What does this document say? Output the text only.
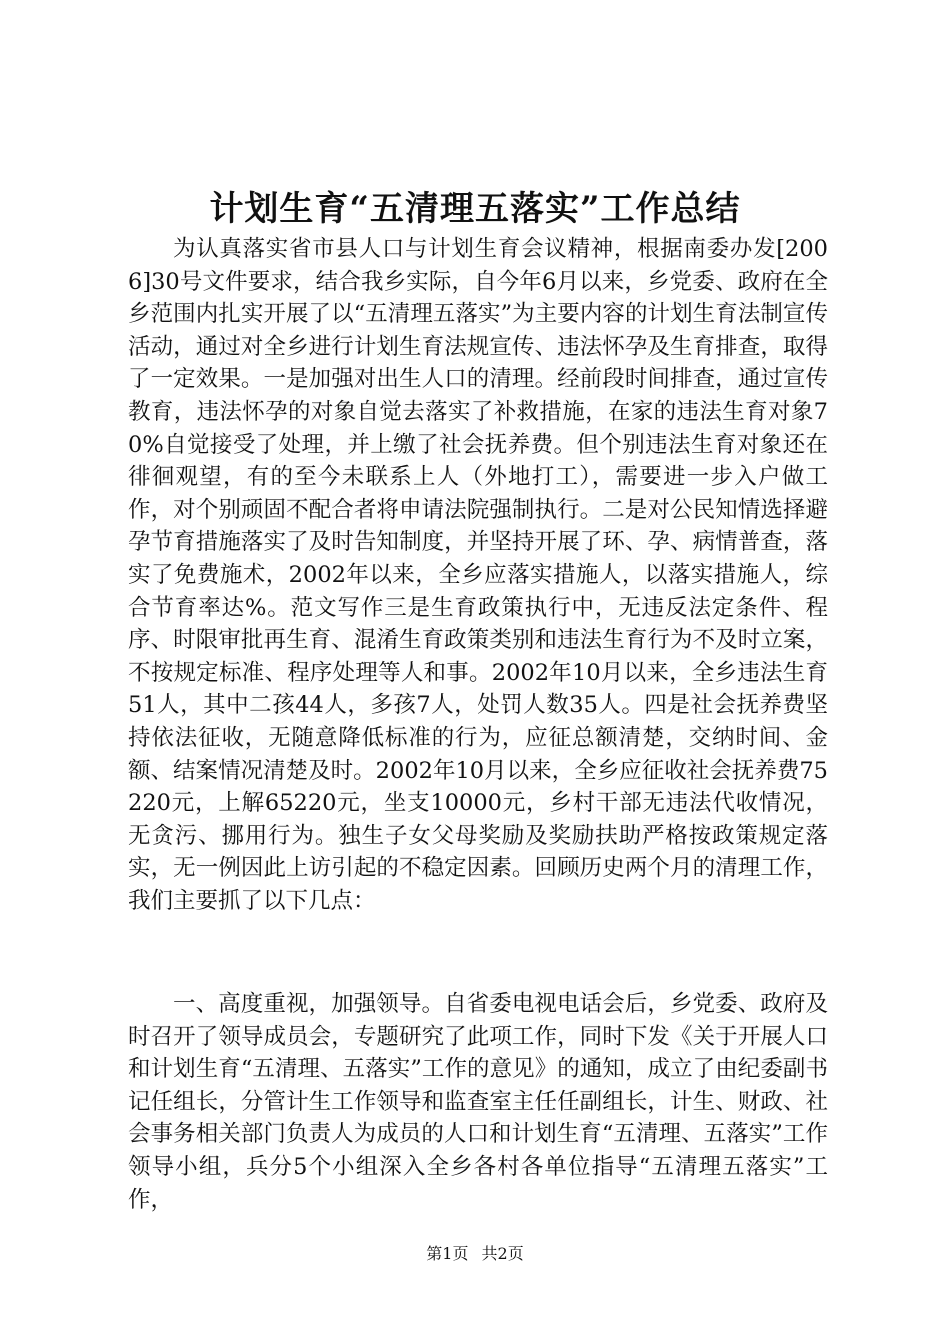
计划生育“五清理五落实”工作总结

为认真落实省市县人口与计划生育会议精神，根据南委办发[2006]30号文件要求，结合我乡实际，自今年6月以来，乡党委、政府在全乡范围内扎实开展了以“五清理五落实”为主要内容的计划生育法制宣传活动，通过对全乡进行计划生育法规宣传、违法怀孕及生育排查，取得了一定效果。一是加强对出生人口的清理。经前段时间排查，通过宣传教育，违法怀孕的对象自觉去落实了补救措施，在家的违法生育对象70%自觉接受了处理，并上缴了社会抚养费。但个别违法生育对象还在徘徊观望，有的至今未联系上人（外地打工），需要进一步入户做工作，对个别顽固不配合者将申请法院强制执行。二是对公民知情选择避孕节育措施落实了及时告知制度，并坚持开展了环、孕、病情普查，落实了免费施术，2002年以来，全乡应落实措施人，以落实措施人，综合节育率达%。范文写作三是生育政策执行中，无违反法定条件、程序、时限审批再生育、混淆生育政策类别和违法生育行为不及时立案，不按规定标准、程序处理等人和事。2002年10月以来，全乡违法生育51人，其中二孩44人，多孩7人，处罚人数35人。四是社会抚养费坚持依法征收，无随意降低标准的行为，应征总额清楚，交纳时间、金额、结案情况清楚及时。2002年10月以来，全乡应征收社会抚养费75220元，上解65220元，坐支10000元，乡村干部无违法代收情况，无贪污、挪用行为。独生子女父母奖励及奖励扶助严格按政策规定落实，无一例因此上访引起的不稳定因素。回顾历史两个月的清理工作，我们主要抓了以下几点：

一、高度重视，加强领导。自省委电视电话会后，乡党委、政府及时召开了领导成员会，专题研究了此项工作，同时下发《关于开展人口和计划生育“五清理、五落实”工作的意见》的通知，成立了由纪委副书记任组长，分管计生工作领导和监查室主任任副组长，计生、财政、社会事务相关部门负责人为成员的人口和计划生育“五清理、五落实”工作领导小组，兵分5个小组深入全乡各村各单位指导“五清理五落实”工作，

第1页 共2页
